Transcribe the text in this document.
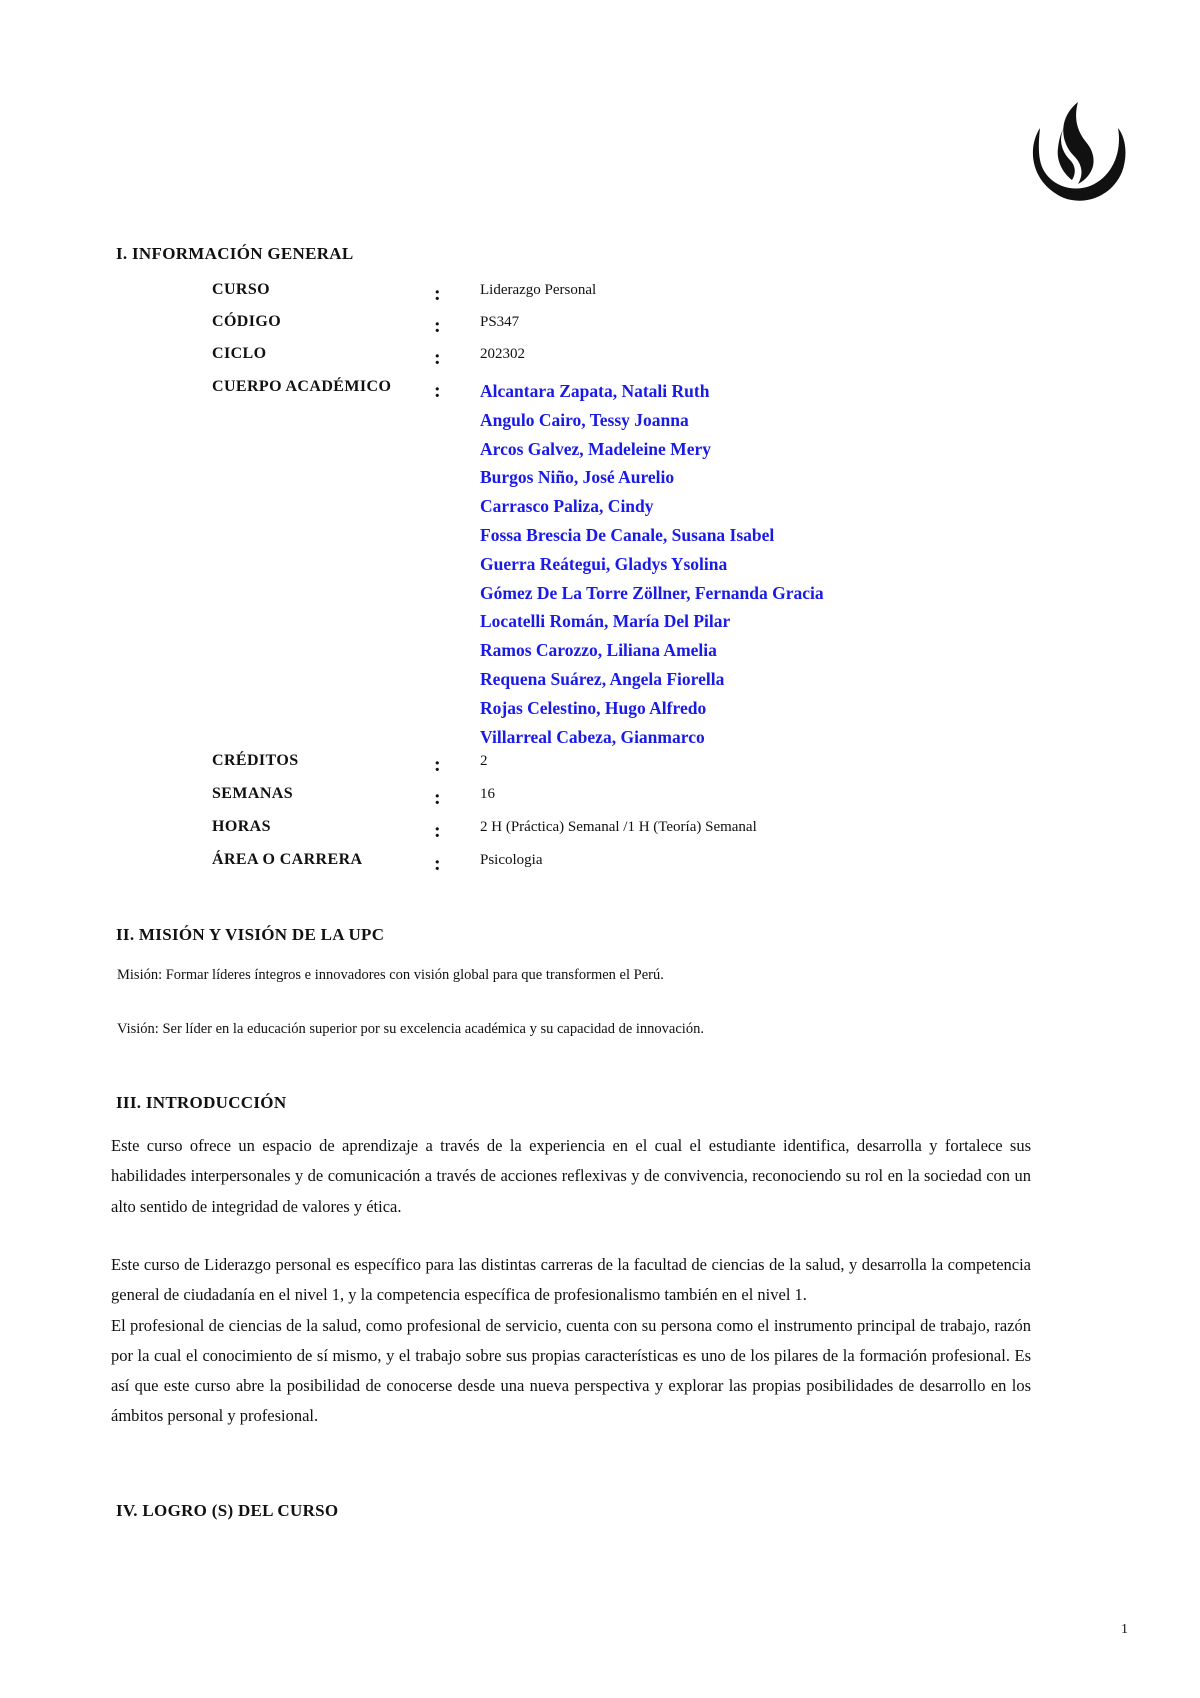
I. INFORMACIÓN GENERAL
CURSO	:	Liderazgo Personal
CÓDIGO	:	PS347
CICLO	:	202302
CUERPO ACADÉMICO : Alcantara Zapata, Natali Ruth
Angulo Cairo, Tessy Joanna
Arcos Galvez, Madeleine Mery
Burgos Niño, José Aurelio
Carrasco Paliza, Cindy
Fossa Brescia De Canale, Susana Isabel
Guerra Reátegui, Gladys Ysolina
Gómez De La Torre Zöllner, Fernanda Gracia
Locatelli Román, María Del Pilar
Ramos Carozzo, Liliana Amelia
Requena Suárez, Angela Fiorella
Rojas Celestino, Hugo Alfredo
Villarreal Cabeza, Gianmarco
CRÉDITOS	:	2
SEMANAS	:	16
HORAS	:	2 H (Práctica) Semanal /1 H (Teoría) Semanal
ÁREA O CARRERA	:	Psicologia
II. MISIÓN Y VISIÓN DE LA UPC
Misión: Formar líderes íntegros e innovadores con visión global para que transformen el Perú.
Visión: Ser líder en la educación superior por su excelencia académica y su capacidad de innovación.
III. INTRODUCCIÓN

Este curso ofrece un espacio de aprendizaje a través de la experiencia en el cual el estudiante identifica, desarrolla y fortalece sus habilidades interpersonales y de comunicación a través de acciones reflexivas y de convivencia, reconociendo su rol en la sociedad con un alto sentido de integridad de valores y ética.

Este curso de Liderazgo personal es específico para las distintas carreras de la facultad de ciencias de la salud, y desarrolla la competencia general de ciudadanía en el nivel 1, y la competencia específica de profesionalismo también en el nivel 1.

El profesional de ciencias de la salud, como profesional de servicio, cuenta con su persona como el instrumento principal de trabajo, razón por la cual el conocimiento de sí mismo, y el trabajo sobre sus propias características es uno de los pilares de la formación profesional. Es así que este curso abre la posibilidad de conocerse desde una nueva perspectiva y explorar las propias posibilidades de desarrollo en los ámbitos personal y profesional.

IV. LOGRO (S) DEL CURSO
1
